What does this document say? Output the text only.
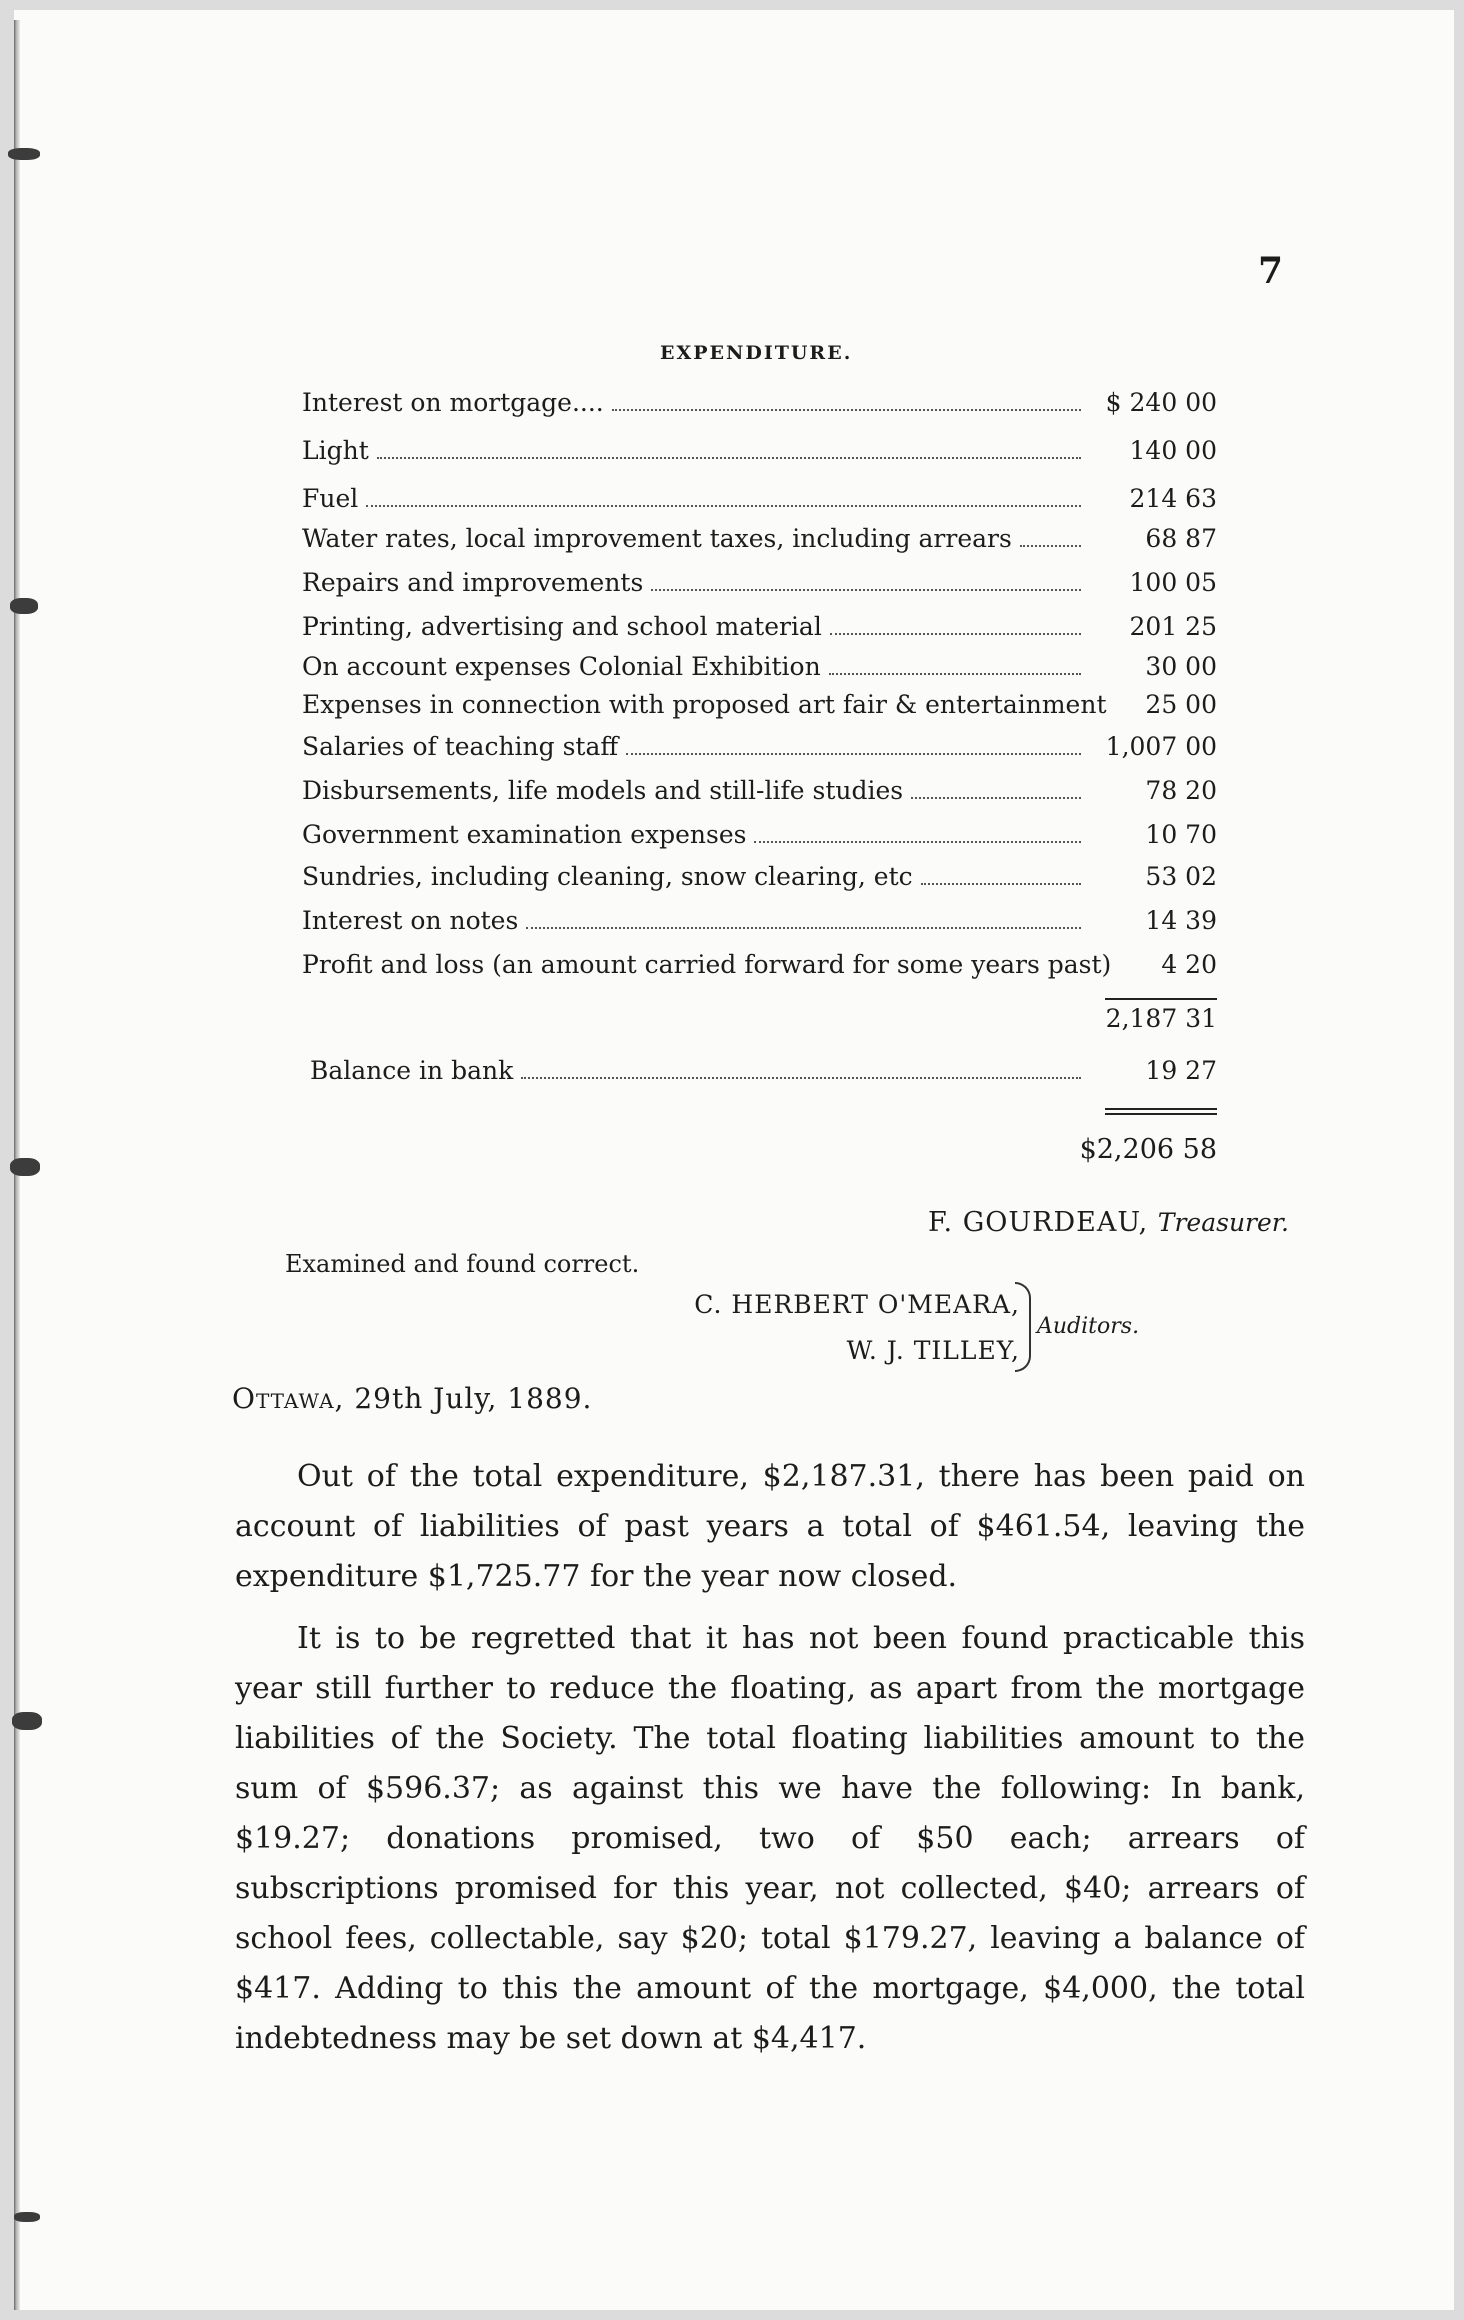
7
EXPENDITURE.
Interest on mortgage....	$ 240 00
Light	140 00
Fuel	214 63
Water rates, local improvement taxes, including arrears	68 87
Repairs and improvements	100 05
Printing, advertising and school material	201 25
On account expenses Colonial Exhibition	30 00
Expenses in connection with proposed art fair & entertainment	25 00
Salaries of teaching staff	1,007 00
Disbursements, life models and still-life studies	78 20
Government examination expenses	10 70
Sundries, including cleaning, snow clearing, etc	53 02
Interest on notes	14 39
Profit and loss (an amount carried forward for some years past)	4 20
2,187 31
Balance in bank	19 27
$2,206 58
F. GOURDEAU, Treasurer.
Examined and found correct.
C. HERBERT O'MEARA,
W. J. TILLEY,
Auditors.
Ottawa, 29th July, 1889.

Out of the total expenditure, $2,187.31, there has been paid on account of liabilities of past years a total of $461.54, leaving the expenditure $1,725.77 for the year now closed.

It is to be regretted that it has not been found practicable this year still further to reduce the floating, as apart from the mortgage liabilities of the Society. The total floating liabilities amount to the sum of $596.37; as against this we have the following: In bank, $19.27; donations promised, two of $50 each; arrears of subscriptions promised for this year, not collected, $40; arrears of school fees, collectable, say $20; total $179.27, leaving a balance of $417. Adding to this the amount of the mortgage, $4,000, the total indebtedness may be set down at $4,417.
